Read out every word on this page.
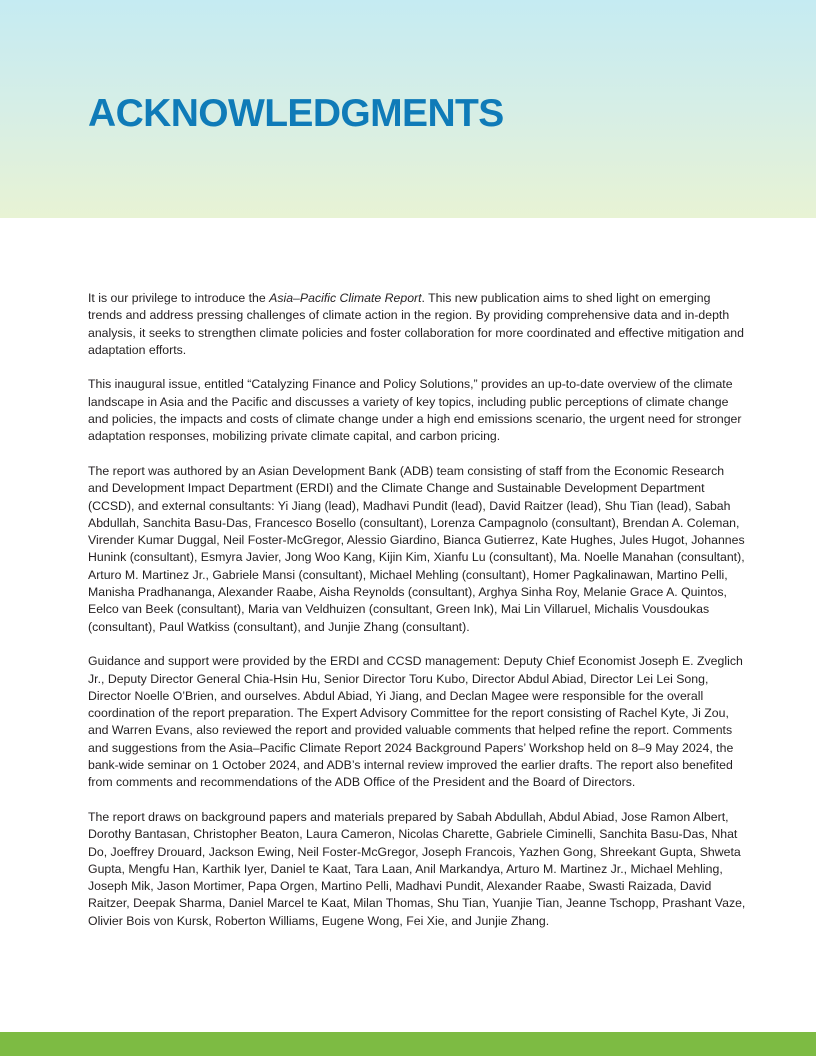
ACKNOWLEDGMENTS

It is our privilege to introduce the Asia–Pacific Climate Report. This new publication aims to shed light on emerging trends and address pressing challenges of climate action in the region. By providing comprehensive data and in-depth analysis, it seeks to strengthen climate policies and foster collaboration for more coordinated and effective mitigation and adaptation efforts.

This inaugural issue, entitled “Catalyzing Finance and Policy Solutions,” provides an up-to-date overview of the climate landscape in Asia and the Pacific and discusses a variety of key topics, including public perceptions of climate change and policies, the impacts and costs of climate change under a high end emissions scenario, the urgent need for stronger adaptation responses, mobilizing private climate capital, and carbon pricing.

The report was authored by an Asian Development Bank (ADB) team consisting of staff from the Economic Research and Development Impact Department (ERDI) and the Climate Change and Sustainable Development Department (CCSD), and external consultants: Yi Jiang (lead), Madhavi Pundit (lead), David Raitzer (lead), Shu Tian (lead), Sabah Abdullah, Sanchita Basu-Das, Francesco Bosello (consultant), Lorenza Campagnolo (consultant), Brendan A. Coleman, Virender Kumar Duggal, Neil Foster-McGregor, Alessio Giardino, Bianca Gutierrez, Kate Hughes, Jules Hugot, Johannes Hunink (consultant), Esmyra Javier, Jong Woo Kang, Kijin Kim, Xianfu Lu (consultant), Ma. Noelle Manahan (consultant), Arturo M. Martinez Jr., Gabriele Mansi (consultant), Michael Mehling (consultant), Homer Pagkalinawan, Martino Pelli, Manisha Pradhananga, Alexander Raabe, Aisha Reynolds (consultant), Arghya Sinha Roy, Melanie Grace A. Quintos, Eelco van Beek (consultant), Maria van Veldhuizen (consultant, Green Ink), Mai Lin Villaruel, Michalis Vousdoukas (consultant), Paul Watkiss (consultant), and Junjie Zhang (consultant).

Guidance and support were provided by the ERDI and CCSD management: Deputy Chief Economist Joseph E. Zveglich Jr., Deputy Director General Chia-Hsin Hu, Senior Director Toru Kubo, Director Abdul Abiad, Director Lei Lei Song, Director Noelle O’Brien, and ourselves. Abdul Abiad, Yi Jiang, and Declan Magee were responsible for the overall coordination of the report preparation. The Expert Advisory Committee for the report consisting of Rachel Kyte, Ji Zou, and Warren Evans, also reviewed the report and provided valuable comments that helped refine the report. Comments and suggestions from the Asia–Pacific Climate Report 2024 Background Papers’ Workshop held on 8–9 May 2024, the bank-wide seminar on 1 October 2024, and ADB’s internal review improved the earlier drafts. The report also benefited from comments and recommendations of the ADB Office of the President and the Board of Directors.

The report draws on background papers and materials prepared by Sabah Abdullah, Abdul Abiad, Jose Ramon Albert, Dorothy Bantasan, Christopher Beaton, Laura Cameron, Nicolas Charette, Gabriele Ciminelli, Sanchita Basu-Das, Nhat Do, Joeffrey Drouard, Jackson Ewing, Neil Foster-McGregor, Joseph Francois, Yazhen Gong, Shreekant Gupta, Shweta Gupta, Mengfu Han, Karthik Iyer, Daniel te Kaat, Tara Laan, Anil Markandya, Arturo M. Martinez Jr., Michael Mehling, Joseph Mik, Jason Mortimer, Papa Orgen, Martino Pelli, Madhavi Pundit, Alexander Raabe, Swasti Raizada, David Raitzer, Deepak Sharma, Daniel Marcel te Kaat, Milan Thomas, Shu Tian, Yuanjie Tian, Jeanne Tschopp, Prashant Vaze, Olivier Bois von Kursk, Roberton Williams, Eugene Wong, Fei Xie, and Junjie Zhang.
